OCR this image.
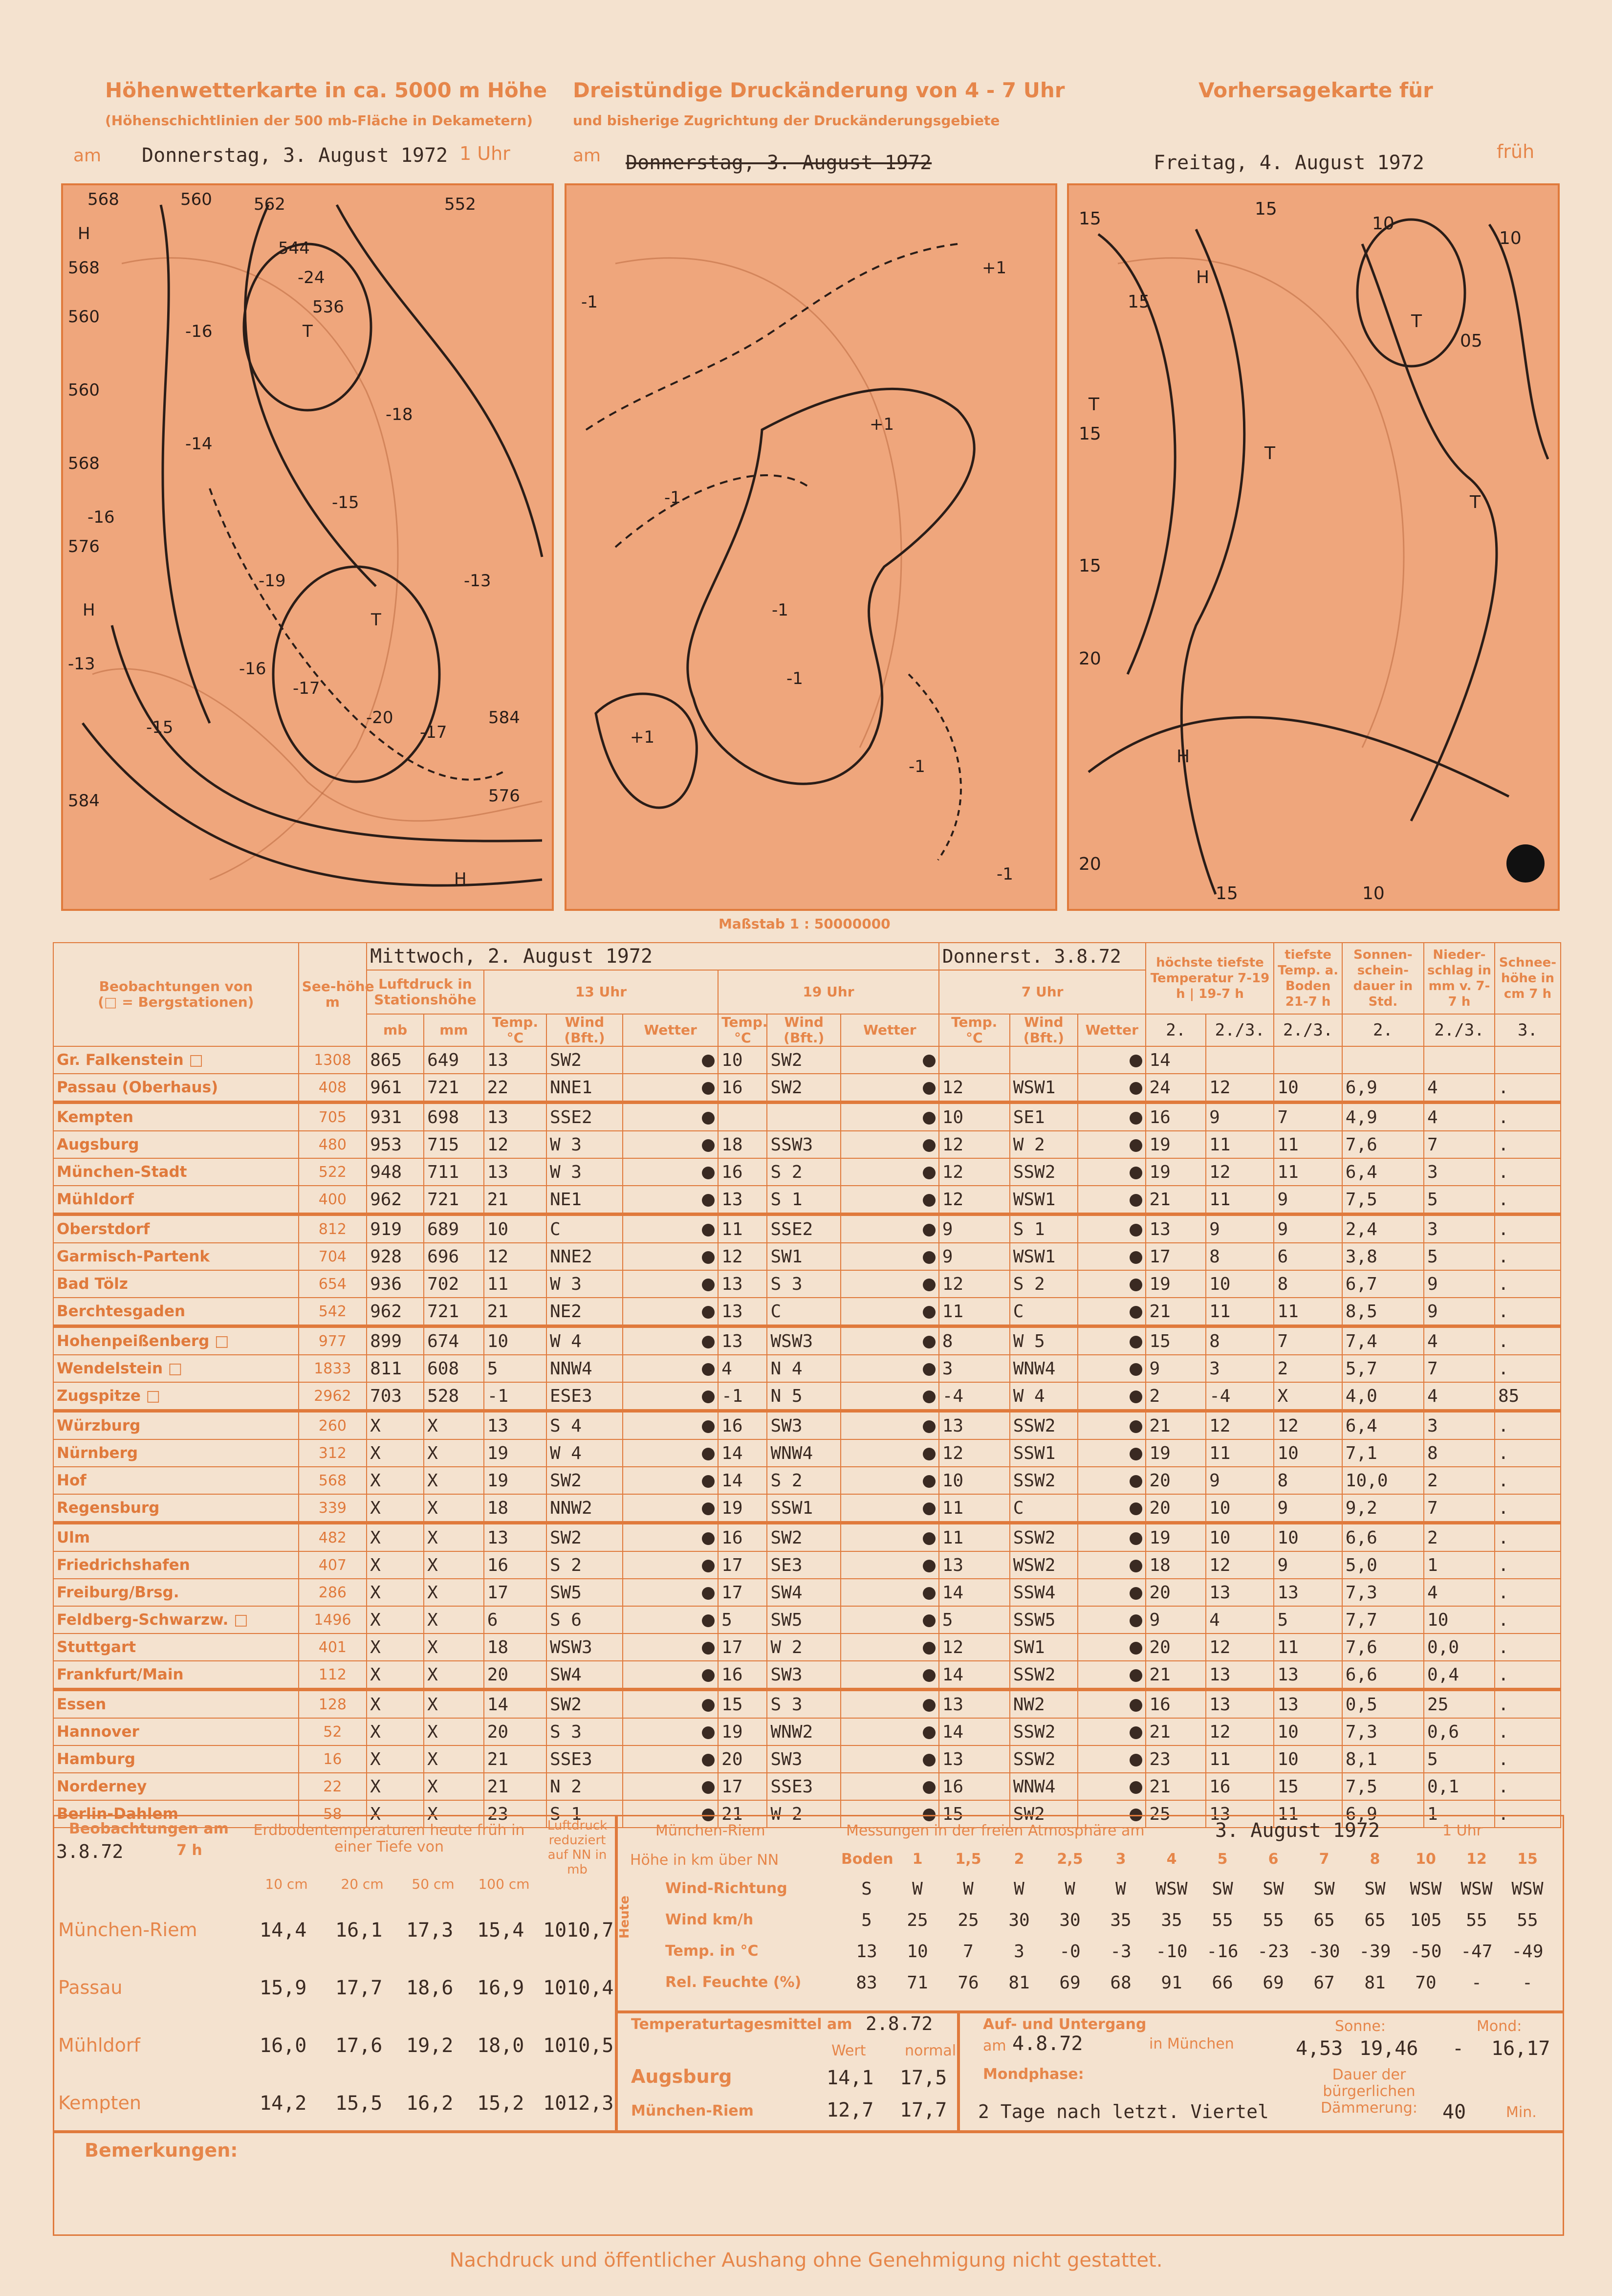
Höhenwetterkarte in ca. 5000 m Höhe
(Höhenschichtlinien der 500 mb-Fläche in Dekametern)
am Donnerstag, 3. August 1972 1 Uhr
Dreistündige Druckänderung von 4 - 7 Uhr
und bisherige Zugrichtung der Druckänderungsgebiete
am Donnerstag, 3. August 1972
Vorhersagekarte für
Freitag, 4. August 1972	früh
568	560	562	552
544
536
560
568
560
576
568
H
T
T
H
-16
-24
-18
-14
-15
-19
-16
-13
-17
-20
-16
-15	-17
-13
584
576
584
H
-1
+1
-1
-1
+1
-1
-1
+1
-1
15	10
15
H
T
T
T
T
H
15
15
20
20
15	10
05
10
15
Maßstab 1 : 50000000
Beobachtungen von
(□ = Bergstationen)	See-höhe
m	Mittwoch, 2. August 1972								Donnerst. 3.8.72			höchste tiefste Temperatur 7-19 h | 19-7 h		tiefste Temp. a. Boden 21-7 h	Sonnen-schein-dauer in Std.	Nieder-schlag in mm v. 7-7 h	Schnee-höhe in cm 7 h
		Luftdruck in Stationshöhe		13 Uhr			19 Uhr			7 Uhr								
		mb	mm	Temp. °C	Wind (Bft.)	Wetter	Temp. °C	Wind (Bft.)	Wetter	Temp. °C	Wind (Bft.)	Wetter	2.	2./3.	2./3.	2.	2./3.	3.
Gr. Falkenstein □	1308	865	649	13	SW2		10	SW2					14					
Passau (Oberhaus)	408	961	721	22	NNE1		16	SW2		12	WSW1		24	12	10	6,9	4	.
Kempten	705	931	698	13	SSE2					10	SE1		16	9	7	4,9	4	.
Augsburg	480	953	715	12	W 3		18	SSW3		12	W 2		19	11	11	7,6	7	.
München-Stadt	522	948	711	13	W 3		16	S 2		12	SSW2		19	12	11	6,4	3	.
Mühldorf	400	962	721	21	NE1		13	S 1		12	WSW1		21	11	9	7,5	5	.
Oberstdorf	812	919	689	10	C		11	SSE2		9	S 1		13	9	9	2,4	3	.
Garmisch-Partenk	704	928	696	12	NNE2		12	SW1		9	WSW1		17	8	6	3,8	5	.
Bad Tölz	654	936	702	11	W 3		13	S 3		12	S 2		19	10	8	6,7	9	.
Berchtesgaden	542	962	721	21	NE2		13	C		11	C		21	11	11	8,5	9	.
Hohenpeißenberg □	977	899	674	10	W 4		13	WSW3		8	W 5		15	8	7	7,4	4	.
Wendelstein □	1833	811	608	5	NNW4		4	N 4		3	WNW4		9	3	2	5,7	7	.
Zugspitze □	2962	703	528	-1	ESE3		-1	N 5		-4	W 4		2	-4	X	4,0	4	85
Würzburg	260	X	X	13	S 4		16	SW3		13	SSW2		21	12	12	6,4	3	.
Nürnberg	312	X	X	19	W 4		14	WNW4		12	SSW1		19	11	10	7,1	8	.
Hof	568	X	X	19	SW2		14	S 2		10	SSW2		20	9	8	10,0	2	.
Regensburg	339	X	X	18	NNW2		19	SSW1		11	C		20	10	9	9,2	7	.
Ulm	482	X	X	13	SW2		16	SW2		11	SSW2		19	10	10	6,6	2	.
Friedrichshafen	407	X	X	16	S 2		17	SE3		13	WSW2		18	12	9	5,0	1	.
Freiburg/Brsg.	286	X	X	17	SW5		17	SW4		14	SSW4		20	13	13	7,3	4	.
Feldberg-Schwarzw. □	1496	X	X	6	S 6		5	SW5		5	SSW5		9	4	5	7,7	10	.
Stuttgart	401	X	X	18	WSW3		17	W 2		12	SW1		20	12	11	7,6	0,0	.
Frankfurt/Main	112	X	X	20	SW4		16	SW3		14	SSW2		21	13	13	6,6	0,4	.
Essen	128	X	X	14	SW2		15	S 3		13	NW2		16	13	13	0,5	25	.
Hannover	52	X	X	20	S 3		19	WNW2		14	SSW2		21	12	10	7,3	0,6	.
Hamburg	16	X	X	21	SSE3		20	SW3		13	SSW2		23	11	10	8,1	5	.
Norderney	22	X	X	21	N 2		17	SSE3		16	WNW4		21	16	15	7,5	0,1	.
Berlin-Dahlem	58	X	X	23	S 1		21	W 2		15	SW2		25	13	11	6,9	1	.
Beobachtungen am
3.8.72	7 h
Erdbodentemperaturen heute früh in einer Tiefe von
Luftdruck reduziert auf NN in mb
10 cm	20 cm	50 cm	100 cm
München-Riem	14,4 16,1 17,3 15,4 1010,7
Passau	15,9 17,7 18,6 16,9 1010,4
Mühldorf	16,0 17,6 19,2 18,0 1010,5
Kempten	14,2 15,5 16,2 15,2 1012,3
München-Riem	Messungen in der freien Atmosphäre am	3. August 1972	1 Uhr
Höhe in km über NN
Heute
Boden	1	1,5	2	2,5	3	4	5	6	7	8	10	12	15
Wind-Richtung	S	W	W	W	W	W	WSW	SW	SW	SW	SW	WSW	WSW	WSW
Wind km/h	5	25	25	30	30	35	35	55	55	65	65	105	55	55
Temp. in °C	13	10	7	3	-0	-3	-10	-16	-23	-30	-39	-50	-47	-49
Rel. Feuchte (%)	83	71	76	81	69	68	91	66	69	67	81	70	-	-
Temperaturtagesmittel am 2.8.72
Wert	normal
Augsburg	14,1 17,5
München-Riem	12,7 17,7
Auf- und Untergang
am 4.8.72	in München
Sonne:
4,53 19,46
Mond:
- 16,17
Mondphase:
2 Tage nach letzt. Viertel
Dauer der bürgerlichen Dämmerung:	40	Min.
Bemerkungen:
Nachdruck und öffentlicher Aushang ohne Genehmigung nicht gestattet.
